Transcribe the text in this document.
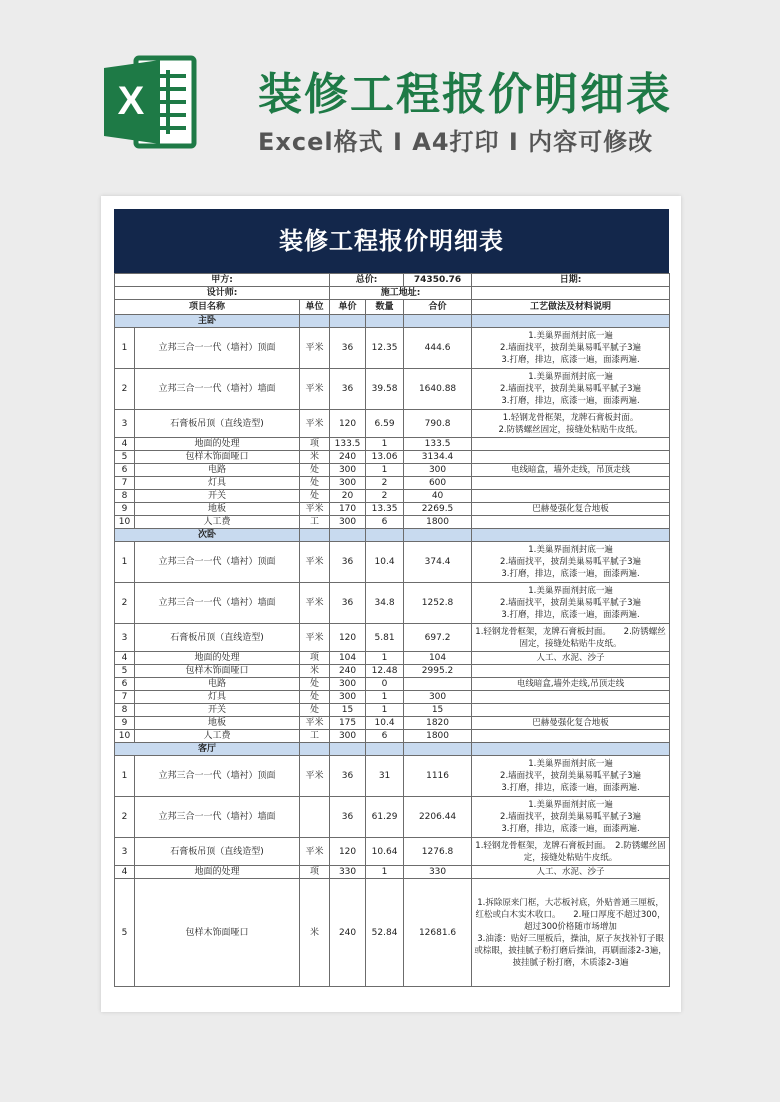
X	装修工程报价明细表
Excel格式 I A4打印 I 内容可修改
装修工程报价明细表
甲方:			总价:		74350.76	日期:
设计师:			施工地址:			
项目名称		单位	单价	数量	合价	工艺做法及材料说明
主卧						
1	立邦三合一一代（墙衬）顶面	平米	36	12.35	444.6	1.美巢界面剂封底一遍
2.墙面找平，披刮美巢易呱平腻子3遍
3.打磨，排边，底漆一遍，面漆两遍.
2	立邦三合一一代（墙衬）墙面	平米	36	39.58	1640.88	1.美巢界面剂封底一遍
2.墙面找平，披刮美巢易呱平腻子3遍
3.打磨，排边，底漆一遍，面漆两遍.
3	石膏板吊顶（直线造型)	平米	120	6.59	790.8	1.轻钢龙骨框架，龙牌石膏板封面。
2.防锈螺丝固定，接缝处粘贴牛皮纸。
4	地面的处理	项	133.5	1	133.5	
5	包样木饰面哑口	米	240	13.06	3134.4	
6	电路	处	300	1	300	电线暗盒，墙外走线，吊顶走线
7	灯具	处	300	2	600	
8	开关	处	20	2	40	
9	地板	平米	170	13.35	2269.5	巴赫曼强化复合地板
10	人工费	工	300	6	1800	
次卧						
1	立邦三合一一代（墙衬）顶面	平米	36	10.4	374.4	1.美巢界面剂封底一遍
2.墙面找平，披刮美巢易呱平腻子3遍
3.打磨，排边，底漆一遍，面漆两遍.
2	立邦三合一一代（墙衬）墙面	平米	36	34.8	1252.8	1.美巢界面剂封底一遍
2.墙面找平，披刮美巢易呱平腻子3遍
3.打磨，排边，底漆一遍，面漆两遍.
3	石膏板吊顶（直线造型)	平米	120	5.81	697.2	1.轻钢龙骨框架，龙牌石膏板封面。　　2.防锈螺丝固定，接缝处粘贴牛皮纸。
4	地面的处理	项	104	1	104	人工、水泥、沙子
5	包样木饰面哑口	米	240	12.48	2995.2	
6	电路	处	300	0		电线暗盒,墙外走线,吊顶走线
7	灯具	处	300	1	300	
8	开关	处	15	1	15	
9	地板	平米	175	10.4	1820	巴赫曼强化复合地板
10	人工费	工	300	6	1800	
客厅						
1	立邦三合一一代（墙衬）顶面	平米	36	31	1116	1.美巢界面剂封底一遍
2.墙面找平，披刮美巢易呱平腻子3遍
3.打磨，排边，底漆一遍，面漆两遍.
2	立邦三合一一代（墙衬）墙面		36	61.29	2206.44	1.美巢界面剂封底一遍
2.墙面找平，披刮美巢易呱平腻子3遍
3.打磨，排边，底漆一遍，面漆两遍.
3	石膏板吊顶（直线造型)	平米	120	10.64	1276.8	1.轻钢龙骨框架，龙牌石膏板封面。　2.防锈螺丝固定，接缝处粘贴牛皮纸。
4	地面的处理	项	330	1	330	人工、水泥、沙子
5	包样木饰面哑口	米	240	52.84	12681.6	1.拆除原来门框，大芯板衬底，外贴普通三厘板，红松或白木实木收口。　　2.哑口厚度不超过300，超过300价格随市场增加
3.油漆：贴好三厘板后，操油，原子灰找补钉子眼或棕眼，披挂腻子粉打磨后操油，再刷面漆2-3遍，披挂腻子粉打磨，木质漆2-3遍
